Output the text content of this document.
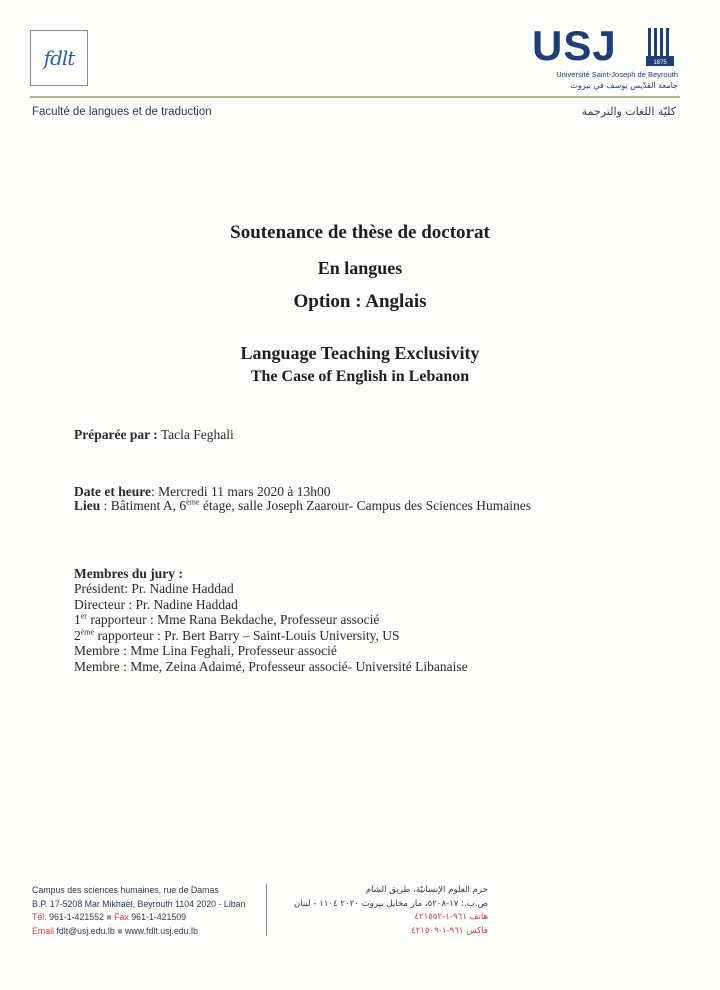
fdlt	USJ	1875
Université Saint-Joseph de Beyrouth
جامعة القدّيس يوسف في بيروت
Faculté de langues et de traduction	كليّة اللغات والترجمة
Soutenance de thèse de doctorat
En langues
Option : Anglais
Language Teaching Exclusivity
The Case of English in Lebanon
Préparée par : Tacla Feghali
Date et heure: Mercredi 11 mars 2020 à 13h00
Lieu : Bâtiment A, 6ème étage, salle Joseph Zaarour- Campus des Sciences Humaines
Membres du jury :
Président: Pr. Nadine Haddad
Directeur : Pr. Nadine Haddad
1er rapporteur : Mme Rana Bekdache, Professeur associé
2ème rapporteur : Pr. Bert Barry – Saint-Louis University, US
Membre : Mme Lina Feghali, Professeur associé
Membre : Mme, Zeina Adaimé, Professeur associé- Université Libanaise
Campus des sciences humaines, rue de Damas
B.P. 17-5208 Mar Mikhaël, Beyrouth 1104 2020 - Liban
Tél. 961-1-421552 ■ Fax 961-1-421509
Email fdlt@usj.edu.lb ■ www.fdlt.usj.edu.lb
حرم العلوم الإنسانيّة، طريق الشام
ص.ب.: ١٧-٥٢٠٨، مار مخايل بيروت ٢٠٢٠ ١١٠٤ - لبنان
هاتف ٩٦١-١-٤٢١٥٥٢
فاكس ٩٦١-١-٤٢١٥٠٩
